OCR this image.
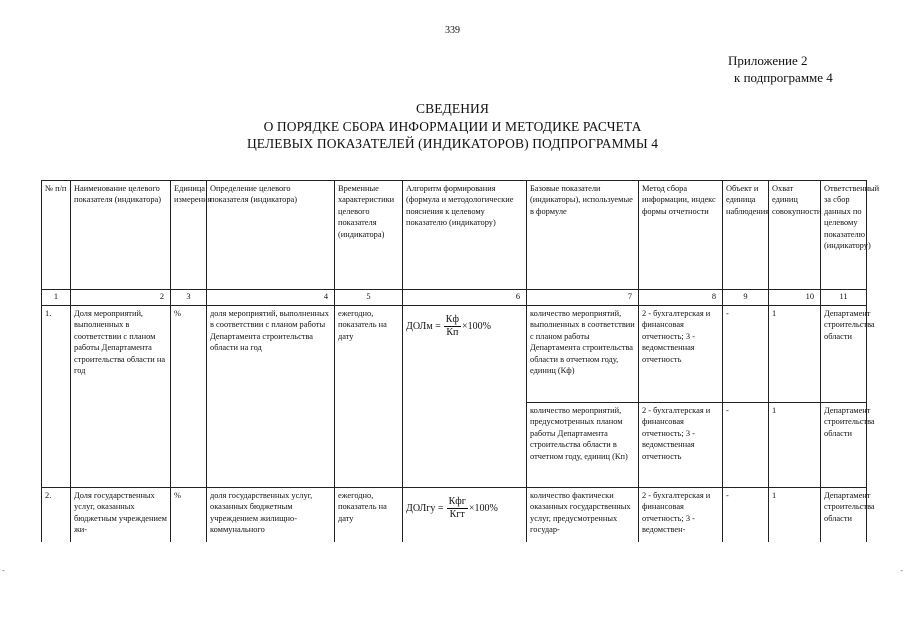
339
Приложение 2
к подпрограмме 4
СВЕДЕНИЯ
О ПОРЯДКЕ СБОРА ИНФОРМАЦИИ И МЕТОДИКЕ РАСЧЕТА
ЦЕЛЕВЫХ ПОКАЗАТЕЛЕЙ (ИНДИКАТОРОВ) ПОДПРОГРАММЫ 4
-	-
№ п/п	Наименование целевого показателя (индикатора)	Единица измерения	Определение целевого показателя (индикатора)	Временные характеристики целевого показателя (индикатора)	Алгоритм формирования (формула и методологические пояснения к целевому показателю (индикатору)	Базовые показатели (индикаторы), используемые в формуле	Метод сбора информации, индекс формы отчетности	Объект и единица наблюдения	Охват единиц совокупности	Ответственный за сбор данных по целевому показателю (индикатору)
1	2	3	4	5	6	7	8	9	10	11
1.	Доля мероприятий, выполненных в соответствии с планом работы Департамента строительства области на год	%	доля мероприятий, выполненных в соответствии с планом работы Департамента строительства области на год	ежегодно, показатель на дату	ДОЛм = $\frac{Кф}{Кп} \times 100\%$	количество мероприятий, выполненных в соответствии с планом работы Департамента строительства области в отчетном году, единиц (Кф)	2 - бухгалтерская и финансовая отчетность; 3 - ведомственная отчетность	-	1	Департамент строительства области
						количество мероприятий, предусмотренных планом работы Департамента строительства области в отчетном году, единиц (Кп)	2 - бухгалтерская и финансовая отчетность; 3 - ведомственная отчетность	-	1	Департамент строительства области
2.	Доля государственных услуг, оказанных бюджетным учреждением жи-	%	доля государственных услуг, оказанных бюджетным учреждением жилищно-коммунального	ежегодно, показатель на дату	ДОЛгу = $\frac{\text{Кфг}}{\text{Кгт}} \times 100\%$	количество фактически оказанных государственных услуг, предусмотренных государ-	2 - бухгалтерская и финансовая отчетность; 3 - ведомствен-	-	1	Департамент строительства области
